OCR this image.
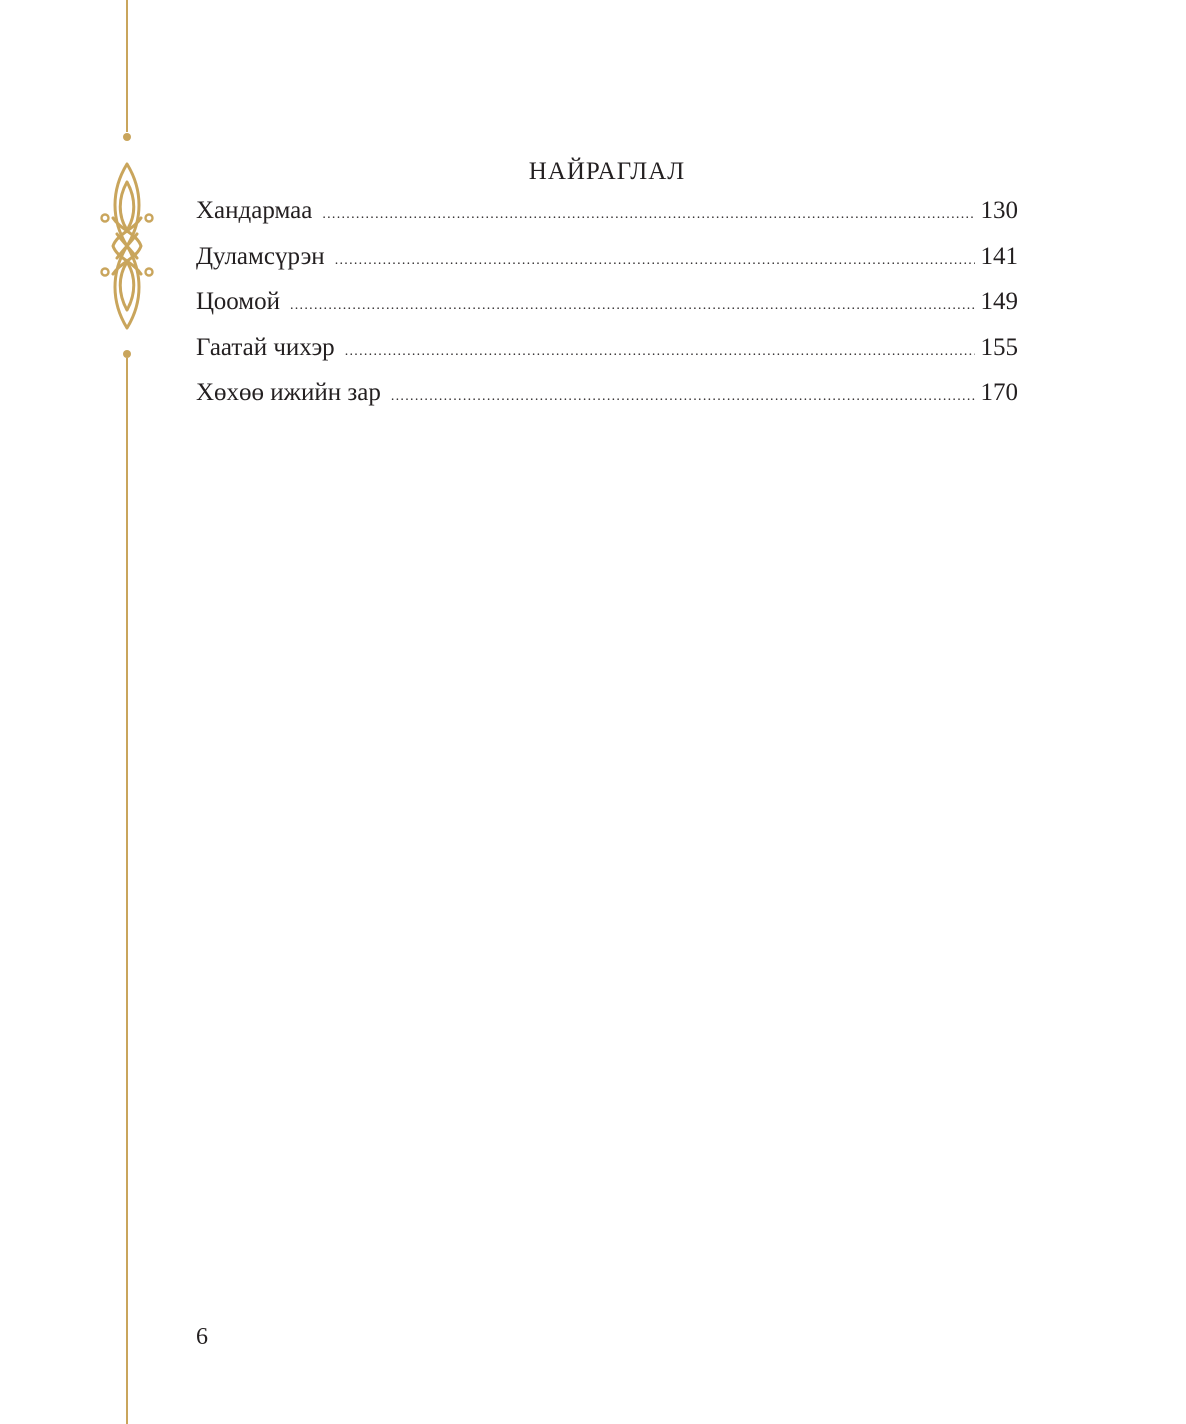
НАЙРАГЛАЛ
Хандармаа .....	130
Дуламсүрэн .....	141
Цоомой .....	149
Гаатай чихэр .....	155
Хөхөө ижийн зар .....	170
6
